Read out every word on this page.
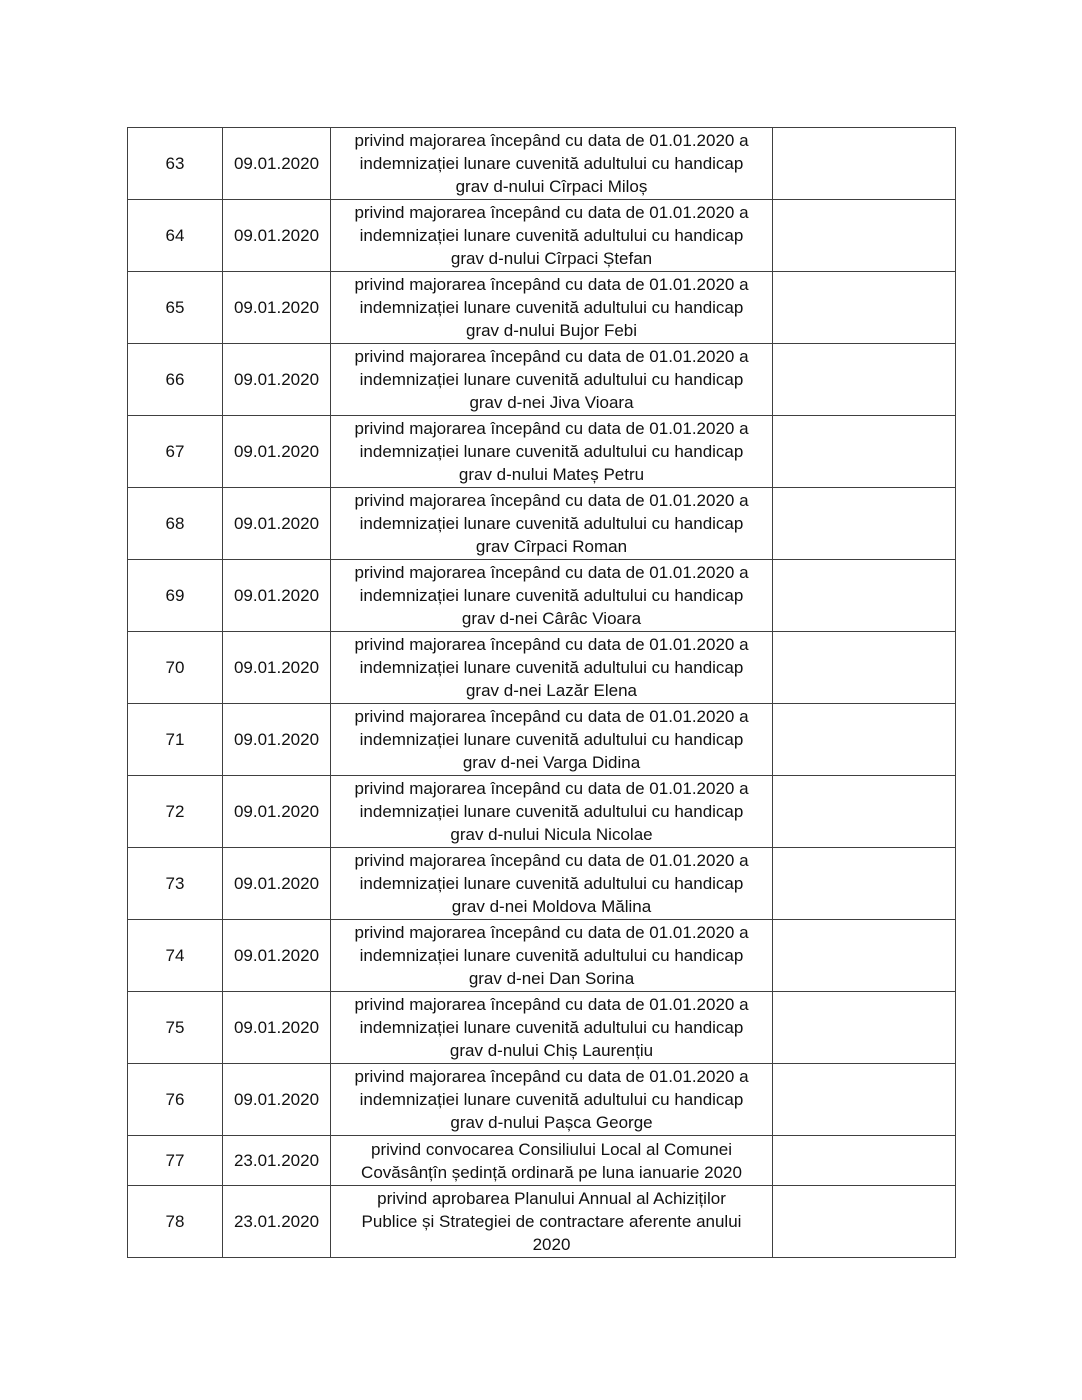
63	09.01.2020	privind majorarea începând cu data de 01.01.2020 a
indemnizației lunare cuvenită adultului cu handicap
grav d-nului Cîrpaci Miloș	

64	09.01.2020	privind majorarea începând cu data de 01.01.2020 a
indemnizației lunare cuvenită adultului cu handicap
grav d-nului Cîrpaci Ștefan	

65	09.01.2020	privind majorarea începând cu data de 01.01.2020 a
indemnizației lunare cuvenită adultului cu handicap
grav d-nului Bujor Febi	

66	09.01.2020	privind majorarea începând cu data de 01.01.2020 a
indemnizației lunare cuvenită adultului cu handicap
grav d-nei Jiva Vioara	

67	09.01.2020	privind majorarea începând cu data de 01.01.2020 a
indemnizației lunare cuvenită adultului cu handicap
grav d-nului Mateș Petru	

68	09.01.2020	privind majorarea începând cu data de 01.01.2020 a
indemnizației lunare cuvenită adultului cu handicap
grav Cîrpaci Roman	

69	09.01.2020	privind majorarea începând cu data de 01.01.2020 a
indemnizației lunare cuvenită adultului cu handicap
grav d-nei Cârâc Vioara	

70	09.01.2020	privind majorarea începând cu data de 01.01.2020 a
indemnizației lunare cuvenită adultului cu handicap
grav d-nei Lazăr Elena	

71	09.01.2020	privind majorarea începând cu data de 01.01.2020 a
indemnizației lunare cuvenită adultului cu handicap
grav d-nei Varga Didina	

72	09.01.2020	privind majorarea începând cu data de 01.01.2020 a
indemnizației lunare cuvenită adultului cu handicap
grav d-nului Nicula Nicolae	

73	09.01.2020	privind majorarea începând cu data de 01.01.2020 a
indemnizației lunare cuvenită adultului cu handicap
grav d-nei Moldova Mălina	

74	09.01.2020	privind majorarea începând cu data de 01.01.2020 a
indemnizației lunare cuvenită adultului cu handicap
grav d-nei Dan Sorina	

75	09.01.2020	privind majorarea începând cu data de 01.01.2020 a
indemnizației lunare cuvenită adultului cu handicap
grav d-nului Chiș Laurențiu	

76	09.01.2020	privind majorarea începând cu data de 01.01.2020 a
indemnizației lunare cuvenită adultului cu handicap
grav d-nului Pașca George	

77	23.01.2020	privind convocarea Consiliului Local al Comunei
Covăsânțîn ședință ordinară pe luna ianuarie 2020	

78	23.01.2020	privind aprobarea Planului Annual al Achiziților
Publice și Strategiei de contractare aferente anului
2020	
